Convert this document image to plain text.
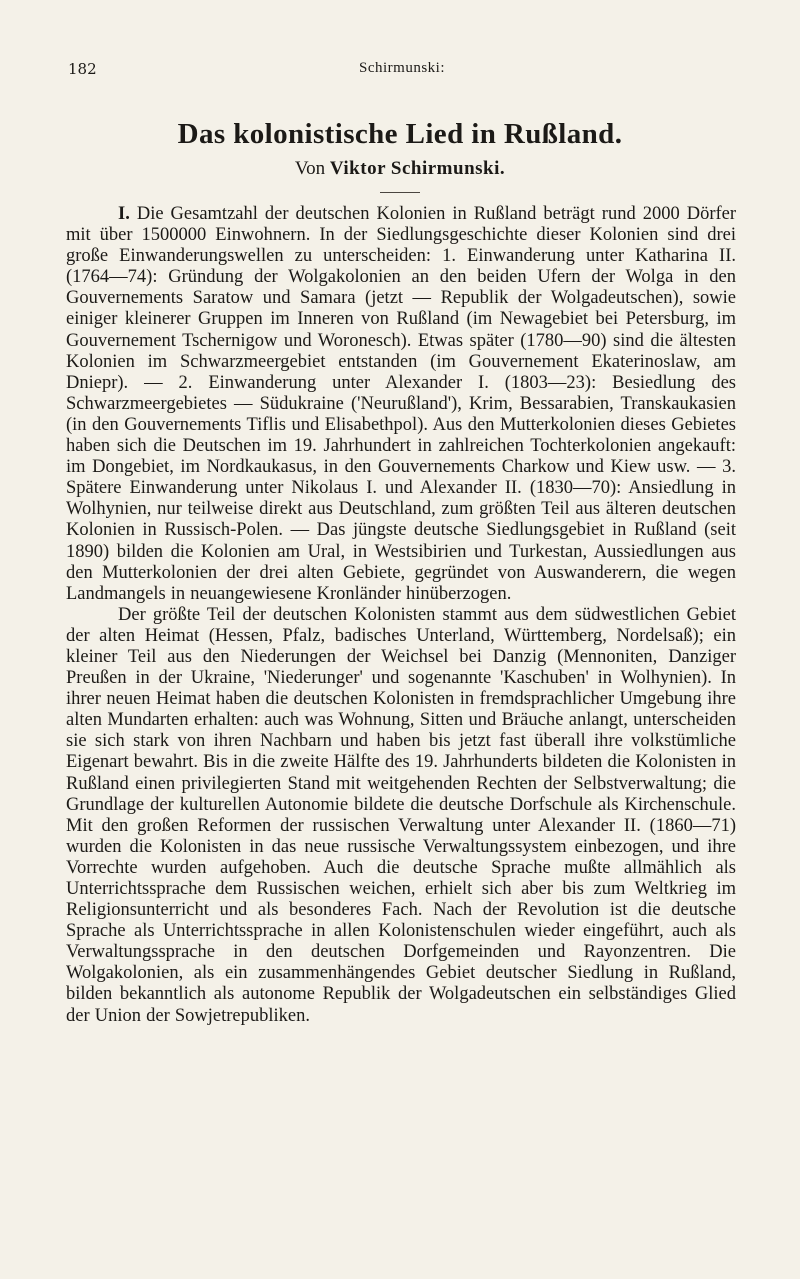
182	Schirmunski:
Das kolonistische Lied in Rußland.
Von Viktor Schirmunski.

I. Die Gesamtzahl der deutschen Kolonien in Rußland beträgt rund 2000 Dörfer mit über 1500000 Einwohnern. In der Siedlungsgeschichte dieser Kolonien sind drei große Einwanderungswellen zu unterscheiden: 1. Einwanderung unter Katharina II. (1764—74): Gründung der Wolgakolonien an den beiden Ufern der Wolga in den Gouvernements Saratow und Samara (jetzt — Republik der Wolgadeutschen), sowie einiger kleinerer Gruppen im Inneren von Rußland (im Newagebiet bei Petersburg, im Gouvernement Tschernigow und Woronesch). Etwas später (1780—90) sind die ältesten Kolonien im Schwarzmeergebiet entstanden (im Gouvernement Ekaterinoslaw, am Dniepr). — 2. Einwanderung unter Alexander I. (1803—23): Besiedlung des Schwarzmeergebietes — Südukraine ('Neurußland'), Krim, Bessarabien, Transkaukasien (in den Gouvernements Tiflis und Elisabethpol). Aus den Mutterkolonien dieses Gebietes haben sich die Deutschen im 19. Jahrhundert in zahlreichen Tochterkolonien angekauft: im Dongebiet, im Nordkaukasus, in den Gouvernements Charkow und Kiew usw. — 3. Spätere Einwanderung unter Nikolaus I. und Alexander II. (1830—70): Ansiedlung in Wolhynien, nur teilweise direkt aus Deutschland, zum größten Teil aus älteren deutschen Kolonien in Russisch-Polen. — Das jüngste deutsche Siedlungsgebiet in Rußland (seit 1890) bilden die Kolonien am Ural, in Westsibirien und Turkestan, Aussiedlungen aus den Mutterkolonien der drei alten Gebiete, gegründet von Auswanderern, die wegen Landmangels in neuangewiesene Kronländer hinüberzogen.

Der größte Teil der deutschen Kolonisten stammt aus dem südwestlichen Gebiet der alten Heimat (Hessen, Pfalz, badisches Unterland, Württemberg, Nordelsaß); ein kleiner Teil aus den Niederungen der Weichsel bei Danzig (Mennoniten, Danziger Preußen in der Ukraine, 'Niederunger' und sogenannte 'Kaschuben' in Wolhynien). In ihrer neuen Heimat haben die deutschen Kolonisten in fremdsprachlicher Umgebung ihre alten Mundarten erhalten: auch was Wohnung, Sitten und Bräuche anlangt, unterscheiden sie sich stark von ihren Nachbarn und haben bis jetzt fast überall ihre volkstümliche Eigenart bewahrt. Bis in die zweite Hälfte des 19. Jahrhunderts bildeten die Kolonisten in Rußland einen privilegierten Stand mit weitgehenden Rechten der Selbstverwaltung; die Grundlage der kulturellen Autonomie bildete die deutsche Dorfschule als Kirchenschule. Mit den großen Reformen der russischen Verwaltung unter Alexander II. (1860—71) wurden die Kolonisten in das neue russische Verwaltungssystem einbezogen, und ihre Vorrechte wurden aufgehoben. Auch die deutsche Sprache mußte allmählich als Unterrichtssprache dem Russischen weichen, erhielt sich aber bis zum Weltkrieg im Religionsunterricht und als besonderes Fach. Nach der Revolution ist die deutsche Sprache als Unterrichtssprache in allen Kolonistenschulen wieder eingeführt, auch als Verwaltungssprache in den deutschen Dorfgemeinden und Rayonzentren. Die Wolgakolonien, als ein zusammenhängendes Gebiet deutscher Siedlung in Rußland, bilden bekanntlich als autonome Republik der Wolgadeutschen ein selbständiges Glied der Union der Sowjetrepubliken.
